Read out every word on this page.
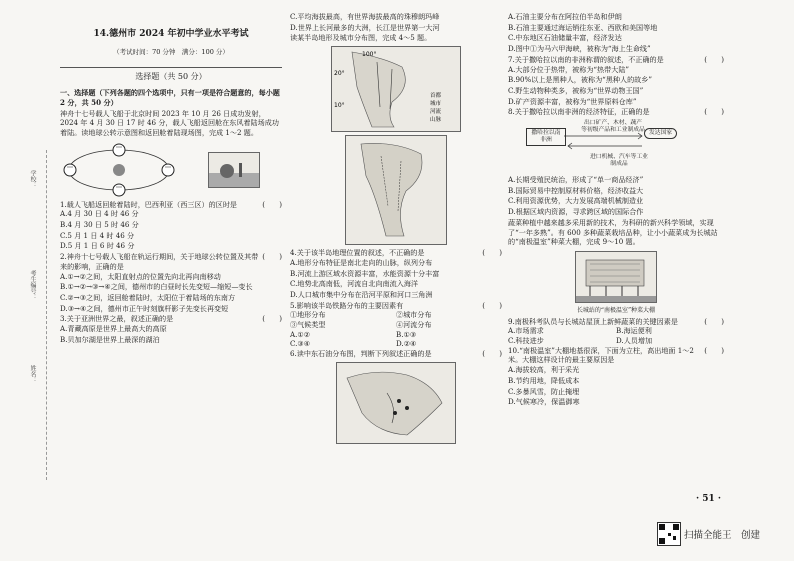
学校：
考生编号：
姓名：
14.德州市 2024 年初中学业水平考试
（考试时间：70 分钟　满分：100 分）
选择题（共 50 分）

一、选择题（下列各题的四个选项中，只有一项是符合题意的，每小题 2 分，共 50 分）

神舟十七号载人飞船于北京时间 2023 年 10 月 26 日成功发射，2024 年 4 月 30 日 17 时 46 分，载人飞船返回舱在东风着陆场成功着陆。读地球公转示意图和返回舱着陆现场图，完成 1～2 题。

1.载人飞船返回舱着陆时，巴西利亚（西三区）的区时是	(　　)

A.4 月 30 日 4 时 46 分

B.4 月 30 日 5 时 46 分

C.5 月 1 日 4 时 46 分

D.5 月 1 日 6 时 46 分

2.神舟十七号载人飞船在轨运行期间，关于地球公转位置及其带来的影响，正确的是
(　　)

A.①→②之间，太阳直射点的位置先向北再向南移动

B.①→②→③→④之间，德州市的白昼时长先变短—缩短—变长

C.②→③之间，返回舱着陆时，太阳位于着陆场的东南方

D.③→④之间，德州市正午时刻旗杆影子先变长再变短

3.关于亚洲世界之最，叙述正确的是	(　　)

A.青藏高原是世界上最高大的高原

B.贝加尔湖是世界上最深的湖泊

C.平均海拔最高，有世界海拔最高的珠穆朗玛峰

D.世界上长河最多的大洲，长江是世界第一大河

读某半岛地形及城市分布图，完成 4～5 题。

100°
20°
10°
首都
城市
河流
山脉
4.关于该半岛地理位置的叙述，不正确的是	(　　)

A.地形分布特征是南北走向的山脉，纵列分布

B.河流上游区域水资源丰富，水能资源十分丰富

C.地势北高南低，河流自北向南流入海洋

D.人口城市集中分布在沿河平原和河口三角洲

5.影响该半岛铁路分布的主要因素有	(　　)
①地形分布	②城市分布
③气候类型	④河流分布
A.①②	B.①③
C.③④	D.②④
6.读中东石油分布图，判断下列叙述正确的是	(　　)

A.石油主要分布在阿拉伯半岛和伊朗

B.石油主要通过海运销往东亚、西欧和美国等地

C.中东地区石油储量丰富，经济发达

D.图中①为马六甲海峡，被称为“海上生命线”

7.关于撒哈拉以南的非洲称谓的叙述，不正确的是	(　　)

A.大部分位于热带，被称为“热带大陆”

B.90%以上是黑种人，被称为“黑种人的故乡”

C.野生动物种类多，被称为“世界动物王国”

D.矿产资源丰富，被称为“世界原料仓库”

8.关于撒哈拉以南非洲的经济特征，正确的是	(　　)
撒哈拉以南非洲
出口矿产、木材、蔬产
等初级产品和工业制成品 发达国家
进口机械、汽车等工业制成品

A.长期受殖民统治，形成了“单一商品经济”

B.国际贸易中控制原材料价格，经济收益大

C.利用资源优势，大力发展高端机械制造业

D.根据区域内资源，寻求跨区域的国际合作

蔬菜种植中越来越多采用新的技术，为科研的新兴科学领域，实现了“一年多熟”。有 600 多种蔬菜栽培品种，让小小蔬菜成为长城站的“南极温室”种菜大棚，完成 9～10 题。

长城站的“南极温室”种菜大棚

9.南极科考队员与长城站屋顶上新鲜蔬菜的关键因素是	(　　)
A.市场需求	B.海运便利
C.科技进步	D.人员增加
10.“南极温室”大棚地基很深，下面为立柱，高出地面 1～2 米。大棚这样设计的最主要原因是
(　　)

A.海拔较高，利于采光

B.节约用地，降低成本

C.多暴风雪，防止掩埋

D.气候寒冷，保温御寒

· 51 ·
扫描全能王　创建
